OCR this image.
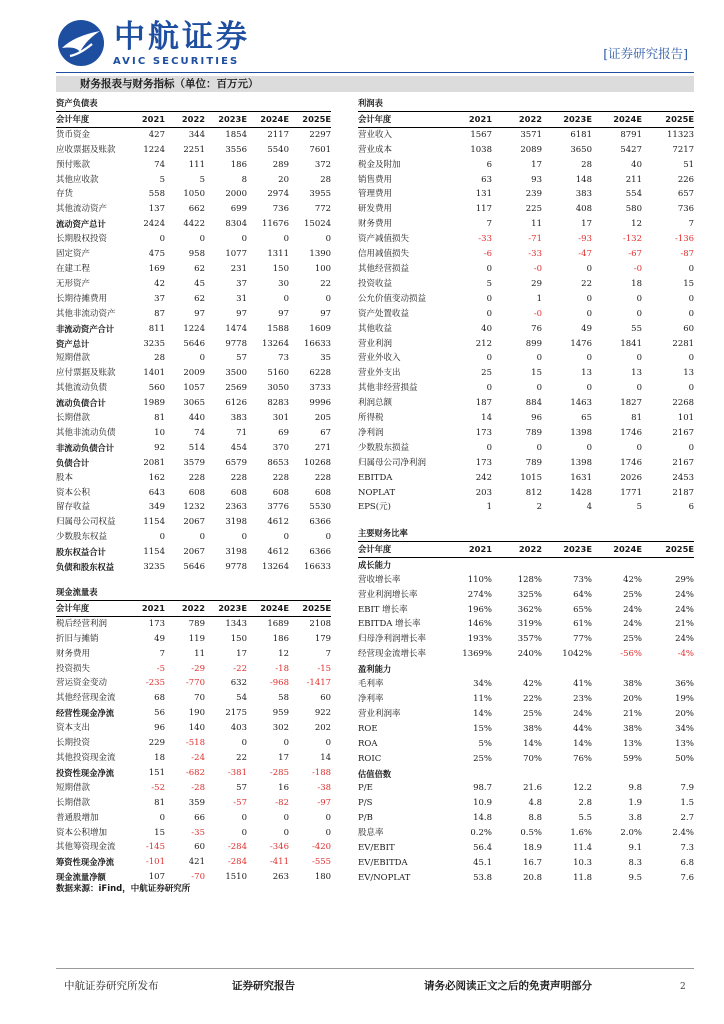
中航证券
AVIC SECURITIES
[证券研究报告]
财务报表与财务指标（单位：百万元）
资产负债表					
会计年度	2021	2022	2023E	2024E	2025E
货币资金	427	344	1854	2117	2297
应收票据及账款	1224	2251	3556	5540	7601
预付账款	74	111	186	289	372
其他应收款	5	5	8	20	28
存货	558	1050	2000	2974	3955
其他流动资产	137	662	699	736	772
流动资产总计	2424	4422	8304	11676	15024
长期股权投资	0	0	0	0	0
固定资产	475	958	1077	1311	1390
在建工程	169	62	231	150	100
无形资产	42	45	37	30	22
长期待摊费用	37	62	31	0	0
其他非流动资产	87	97	97	97	97
非流动资产合计	811	1224	1474	1588	1609
资产总计	3235	5646	9778	13264	16633
短期借款	28	0	57	73	35
应付票据及账款	1401	2009	3500	5160	6228
其他流动负债	560	1057	2569	3050	3733
流动负债合计	1989	3065	6126	8283	9996
长期借款	81	440	383	301	205
其他非流动负债	10	74	71	69	67
非流动负债合计	92	514	454	370	271
负债合计	2081	3579	6579	8653	10268
股本	162	228	228	228	228
资本公积	643	608	608	608	608
留存收益	349	1232	2363	3776	5530
归属母公司权益	1154	2067	3198	4612	6366
少数股东权益	0	0	0	0	0
股东权益合计	1154	2067	3198	4612	6366
负债和股东权益	3235	5646	9778	13264	16633
利润表					
会计年度	2021	2022	2023E	2024E	2025E
营业收入	1567	3571	6181	8791	11323
营业成本	1038	2089	3650	5427	7217
税金及附加	6	17	28	40	51
销售费用	63	93	148	211	226
管理费用	131	239	383	554	657
研发费用	117	225	408	580	736
财务费用	7	11	17	12	7
资产减值损失	-33	-71	-93	-132	-136
信用减值损失	-6	-33	-47	-67	-87
其他经营损益	0	-0	0	-0	0
投资收益	5	29	22	18	15
公允价值变动损益	0	1	0	0	0
资产处置收益	0	-0	0	0	0
其他收益	40	76	49	55	60
营业利润	212	899	1476	1841	2281
营业外收入	0	0	0	0	0
营业外支出	25	15	13	13	13
其他非经营损益	0	0	0	0	0
利润总额	187	884	1463	1827	2268
所得税	14	96	65	81	101
净利润	173	789	1398	1746	2167
少数股东损益	0	0	0	0	0
归属母公司净利润	173	789	1398	1746	2167
EBITDA	242	1015	1631	2026	2453
NOPLAT	203	812	1428	1771	2187
EPS(元)	1	2	4	5	6
现金流量表					
会计年度	2021	2022	2023E	2024E	2025E
税后经营利润	173	789	1343	1689	2108
折旧与摊销	49	119	150	186	179
财务费用	7	11	17	12	7
投资损失	-5	-29	-22	-18	-15
营运资金变动	-235	-770	632	-968	-1417
其他经营现金流	68	70	54	58	60
经营性现金净流	56	190	2175	959	922
资本支出	96	140	403	302	202
长期投资	229	-518	0	0	0
其他投资现金流	18	-24	22	17	14
投资性现金净流	151	-682	-381	-285	-188
短期借款	-52	-28	57	16	-38
长期借款	81	359	-57	-82	-97
普通股增加	0	66	0	0	0
资本公积增加	15	-35	0	0	0
其他筹资现金流	-145	60	-284	-346	-420
筹资性现金净流	-101	421	-284	-411	-555
现金流量净额	107	-70	1510	263	180
主要财务比率					
会计年度	2021	2022	2023E	2024E	2025E
成长能力					
营收增长率	110%	128%	73%	42%	29%
营业利润增长率	274%	325%	64%	25%	24%
EBIT 增长率	196%	362%	65%	24%	24%
EBITDA 增长率	146%	319%	61%	24%	21%
归母净利润增长率	193%	357%	77%	25%	24%
经营现金流增长率	1369%	240%	1042%	-56%	-4%
盈利能力					
毛利率	34%	42%	41%	38%	36%
净利率	11%	22%	23%	20%	19%
营业利润率	14%	25%	24%	21%	20%
ROE	15%	38%	44%	38%	34%
ROA	5%	14%	14%	13%	13%
ROIC	25%	70%	76%	59%	50%
估值倍数					
P/E	98.7	21.6	12.2	9.8	7.9
P/S	10.9	4.8	2.8	1.9	1.5
P/B	14.8	8.8	5.5	3.8	2.7
股息率	0.2%	0.5%	1.6%	2.0%	2.4%
EV/EBIT	56.4	18.9	11.4	9.1	7.3
EV/EBITDA	45.1	16.7	10.3	8.3	6.8
EV/NOPLAT	53.8	20.8	11.8	9.5	7.6
数据来源：iFind，中航证券研究所
中航证券研究所发布	证券研究报告	请务必阅读正文之后的免责声明部分	2
